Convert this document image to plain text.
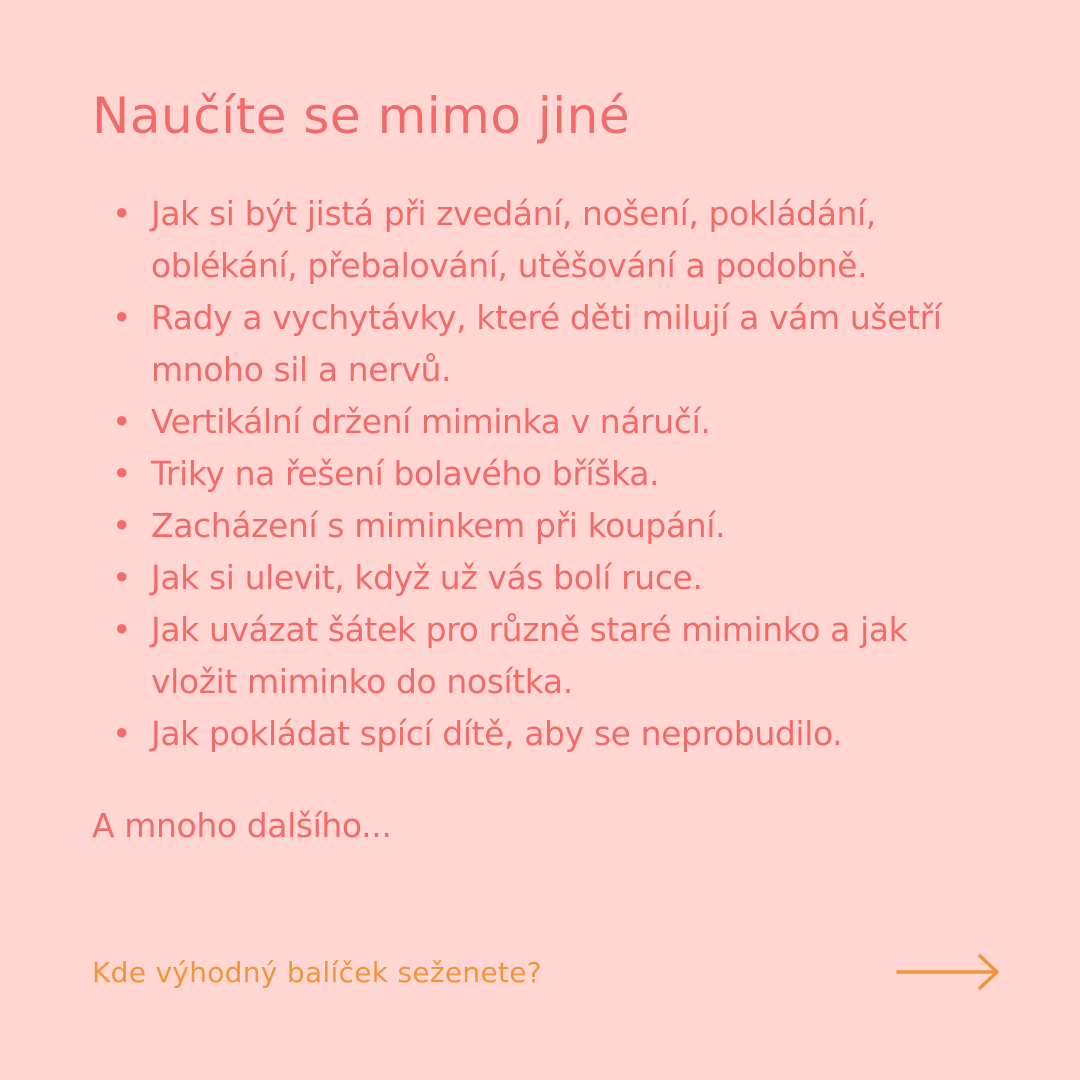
Naučíte se mimo jiné
• Jak si být jistá při zvedání, nošení, pokládání, oblékání, přebalování, utěšování a podobně.
• Rady a vychytávky, které děti milují a vám ušetří mnoho sil a nervů.
• Vertikální držení miminka v náručí.
• Triky na řešení bolavého bříška.
• Zacházení s miminkem při koupání.
• Jak si ulevit, když už vás bolí ruce.
• Jak uvázat šátek pro různě staré miminko a jak vložit miminko do nosítka.
• Jak pokládat spící dítě, aby se neprobudilo.
A mnoho dalšího...
Kde výhodný balíček seženete?
